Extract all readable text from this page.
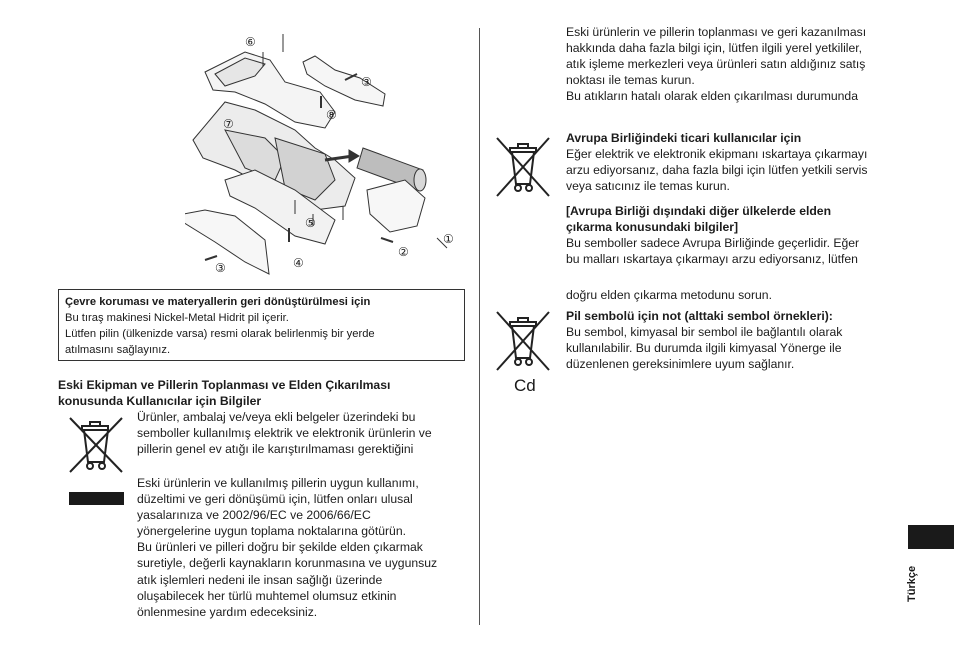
①
②
③
③	④
⑤
⑥
⑦
⑧

Çevre koruması ve materyallerin geri dönüştürülmesi için

Bu tıraş makinesi Nickel-Metal Hidrit pil içerir.

Lütfen pilin (ülkenizde varsa) resmi olarak belirlenmiş bir yerde

atılmasını sağlayınız.

Eski Ekipman ve Pillerin Toplanması ve Elden Çıkarılması

konusunda Kullanıcılar için Bilgiler

Ürünler, ambalaj ve/veya ekli belgeler üzerindeki bu

semboller kullanılmış elektrik ve elektronik ürünlerin ve

pillerin genel ev atığı ile karıştırılmaması gerektiğini

Eski ürünlerin ve kullanılmış pillerin uygun kullanımı,

düzeltimi ve geri dönüşümü için, lütfen onları ulusal

yasalarınıza ve 2002/96/EC ve 2006/66/EC

yönergelerine uygun toplama noktalarına götürün.

Bu ürünleri ve pilleri doğru bir şekilde elden çıkarmak

suretiyle, değerli kaynakların korunmasına ve uygunsuz

atık işlemleri nedeni ile insan sağlığı üzerinde

oluşabilecek her türlü muhtemel olumsuz etkinin

önlenmesine yardım edeceksiniz.

Eski ürünlerin ve pillerin toplanması ve geri kazanılması

hakkında daha fazla bilgi için, lütfen ilgili yerel yetkililer,

atık işleme merkezleri veya ürünleri satın aldığınız satış

noktası ile temas kurun.

Bu atıkların hatalı olarak elden çıkarılması durumunda

Avrupa Birliğindeki ticari kullanıcılar için

Eğer elektrik ve elektronik ekipmanı ıskartaya çıkarmayı

arzu ediyorsanız, daha fazla bilgi için lütfen yetkili servis

veya satıcınız ile temas kurun.

[Avrupa Birliği dışındaki diğer ülkelerde elden

çıkarma konusundaki bilgiler]

Bu semboller sadece Avrupa Birliğinde geçerlidir. Eğer

bu malları ıskartaya çıkarmayı arzu ediyorsanız, lütfen

doğru elden çıkarma metodunu sorun.

Cd

Pil sembolü için not (alttaki sembol örnekleri):

Bu sembol, kimyasal bir sembol ile bağlantılı olarak

kullanılabilir. Bu durumda ilgili kimyasal Yönerge ile

düzenlenen gereksinimlere uyum sağlanır.

Türkçe
